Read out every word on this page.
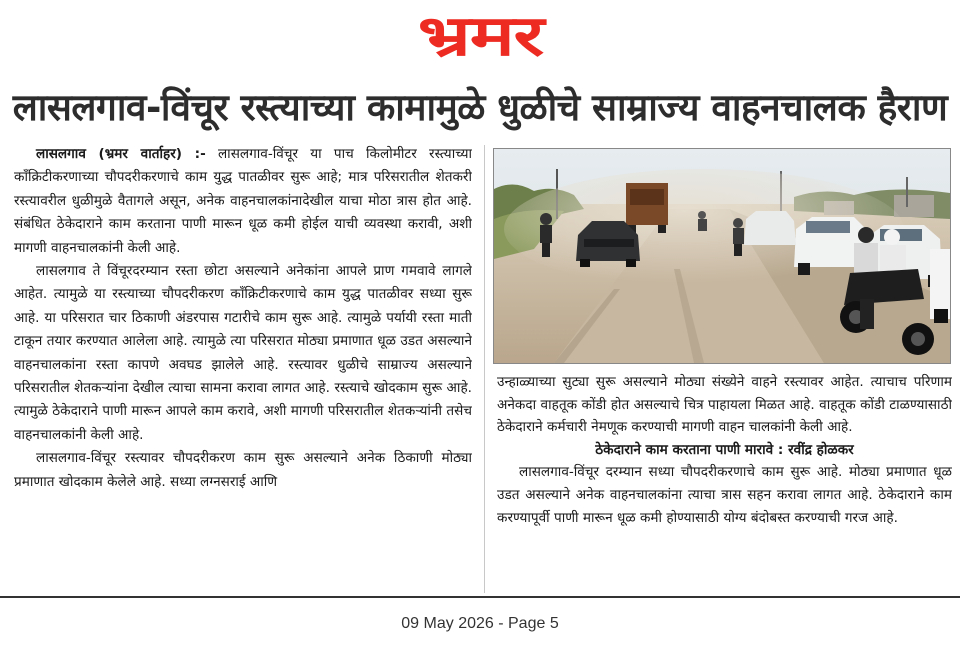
भ्रमर
लासलगाव-विंचूर रस्त्याच्या कामामुळे धुळीचे साम्राज्य वाहनचालक हैराण

लासलगाव (भ्रमर वार्ताहर) :- लासलगाव-विंचूर या पाच किलोमीटर रस्त्याच्या काँक्रिटीकरणाच्या चौपदरीकरणाचे काम युद्ध पातळीवर सुरू आहे; मात्र परिसरातील शेतकरी रस्त्यावरील धुळीमुळे वैतागले असून, अनेक वाहनचालकांनादेखील याचा मोठा त्रास होत आहे. संबंधित ठेकेदाराने काम करताना पाणी मारून धूळ कमी होईल याची व्यवस्था करावी, अशी मागणी वाहनचालकांनी केली आहे.

लासलगाव ते विंचूरदरम्यान रस्ता छोटा असल्याने अनेकांना आपले प्राण गमवावे लागले आहेत. त्यामुळे या रस्त्याच्या चौपदरीकरण काँक्रिटीकरणाचे काम युद्ध पातळीवर सध्या सुरू आहे. या परिसरात चार ठिकाणी अंडरपास गटारीचे काम सुरू आहे. त्यामुळे पर्यायी रस्ता माती टाकून तयार करण्यात आलेला आहे. त्यामुळे त्या परिसरात मोठ्या प्रमाणात धूळ उडत असल्याने वाहनचालकांना रस्ता कापणे अवघड झालेले आहे. रस्त्यावर धुळीचे साम्राज्य असल्याने परिसरातील शेतकऱ्यांना देखील त्याचा सामना करावा लागत आहे. रस्त्याचे खोदकाम सुरू आहे. त्यामुळे ठेकेदाराने पाणी मारून आपले काम करावे, अशी मागणी परिसरातील शेतकऱ्यांनी तसेच वाहनचालकांनी केली आहे.

लासलगाव-विंचूर रस्त्यावर चौपदरीकरण काम सुरू असल्याने अनेक ठिकाणी मोठ्या प्रमाणात खोदकाम केलेले आहे. सध्या लग्नसराई आणि

उन्हाळ्याच्या सुट्या सुरू असल्याने मोठ्या संख्येने वाहने रस्त्यावर आहेत. त्याचाच परिणाम अनेकदा वाहतूक कोंडी होत असल्याचे चित्र पाहायला मिळत आहे. वाहतूक कोंडी टाळण्यासाठी ठेकेदाराने कर्मचारी नेमणूक करण्याची मागणी वाहन चालकांनी केली आहे.

ठेकेदाराने काम करताना पाणी मारावे : रवींद्र होळकर

लासलगाव-विंचूर दरम्यान सध्या चौपदरीकरणाचे काम सुरू आहे. मोठ्या प्रमाणात धूळ उडत असल्याने अनेक वाहनचालकांना त्याचा त्रास सहन करावा लागत आहे. ठेकेदाराने काम करण्यापूर्वी पाणी मारून धूळ कमी होण्यासाठी योग्य बंदोबस्त करण्याची गरज आहे.

09 May 2026 - Page 5
